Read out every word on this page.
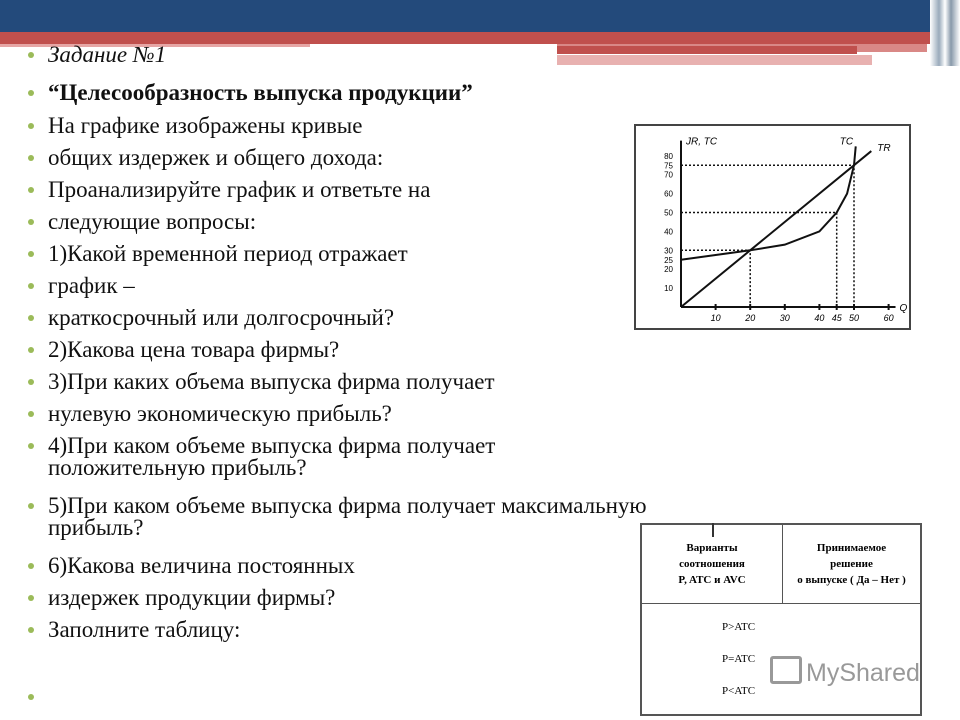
Задание №1
“Целесообразность выпуска продукции”
На графике изображены кривые
общих издержек и общего дохода:
Проанализируйте график и ответьте на
следующие вопросы:
1)Какой временной период отражает
график –
краткосрочный или долгосрочный?
2)Какова цена товара фирмы?
3)При каких объема выпуска фирма получает
нулевую экономическую прибыль?
4)При каком объеме выпуска фирма получает
положительную прибыль?
5)При каком объеме выпуска фирма получает максимальную
прибыль?
6)Какова величина постоянных
издержек продукции фирмы?
Заполните таблицу:
Q
ЈR, TC
10	20	30	40 45 50	60
10
20
25
30
40
50
60
70
75
80
TR
TC
Варианты
соотношения
P, ATC и AVC
Принимаемое
решение
о выпуске ( Да – Нет )
P>ATC
P=ATC
P<ATC
MyShared
